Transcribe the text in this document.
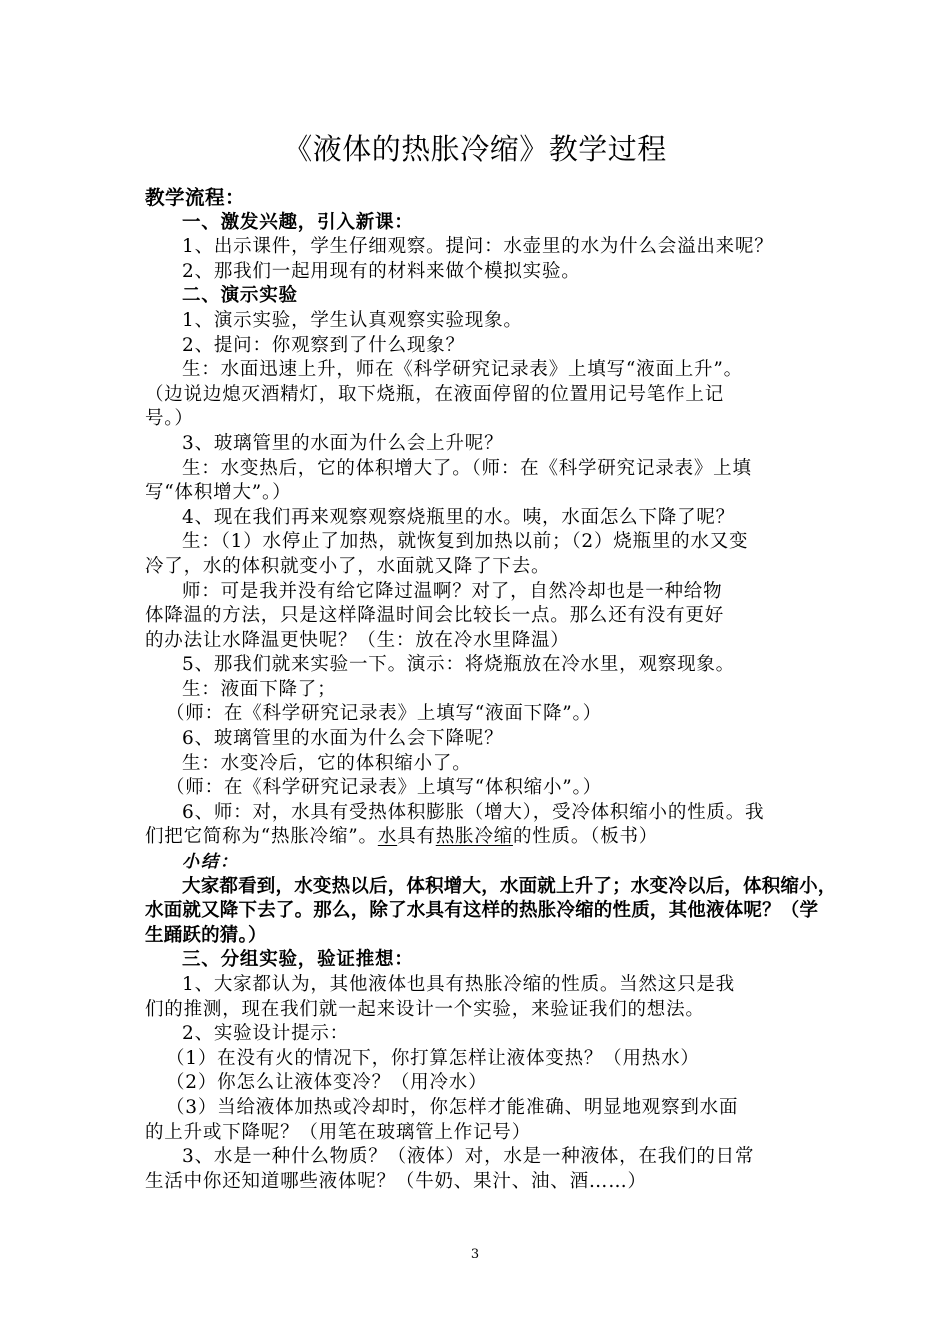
《液体的热胀冷缩》教学过程
教学流程：
一、激发兴趣，引入新课：
1、出示课件，学生仔细观察。提问：水壶里的水为什么会溢出来呢？
2、那我们一起用现有的材料来做个模拟实验。
二、演示实验
1、演示实验，学生认真观察实验现象。
2、提问：你观察到了什么现象？
生：水面迅速上升，师在《科学研究记录表》上填写“液面上升”。
（边说边熄灭酒精灯，取下烧瓶，在液面停留的位置用记号笔作上记
号。）
3、玻璃管里的水面为什么会上升呢？
生：水变热后，它的体积增大了。（师：在《科学研究记录表》上填
写“体积增大”。）
4、现在我们再来观察观察烧瓶里的水。咦，水面怎么下降了呢？
生：（1）水停止了加热，就恢复到加热以前；（2）烧瓶里的水又变
冷了，水的体积就变小了，水面就又降了下去。
师：可是我并没有给它降过温啊？对了，自然冷却也是一种给物
体降温的方法，只是这样降温时间会比较长一点。那么还有没有更好
的办法让水降温更快呢？（生：放在冷水里降温）
5、那我们就来实验一下。演示：将烧瓶放在冷水里，观察现象。
生：液面下降了；
（师：在《科学研究记录表》上填写“液面下降”。）
6、玻璃管里的水面为什么会下降呢？
生：水变冷后，它的体积缩小了。
（师：在《科学研究记录表》上填写“体积缩小”。）
6、师：对，水具有受热体积膨胀（增大），受冷体积缩小的性质。我
们把它简称为“热胀冷缩”。水具有热胀冷缩的性质。（板书）
小结：
大家都看到，水变热以后，体积增大，水面就上升了；水变冷以后，体积缩小，
水面就又降下去了。那么，除了水具有这样的热胀冷缩的性质，其他液体呢？（学
生踊跃的猜。）
三、分组实验，验证推想：
1、大家都认为，其他液体也具有热胀冷缩的性质。当然这只是我
们的推测，现在我们就一起来设计一个实验，来验证我们的想法。
2、实验设计提示：
（1）在没有火的情况下，你打算怎样让液体变热？（用热水）
（2）你怎么让液体变冷？（用冷水）
（3）当给液体加热或冷却时，你怎样才能准确、明显地观察到水面
的上升或下降呢？（用笔在玻璃管上作记号）
3、水是一种什么物质？（液体）对，水是一种液体，在我们的日常
生活中你还知道哪些液体呢？（牛奶、果汁、油、酒……）
3
